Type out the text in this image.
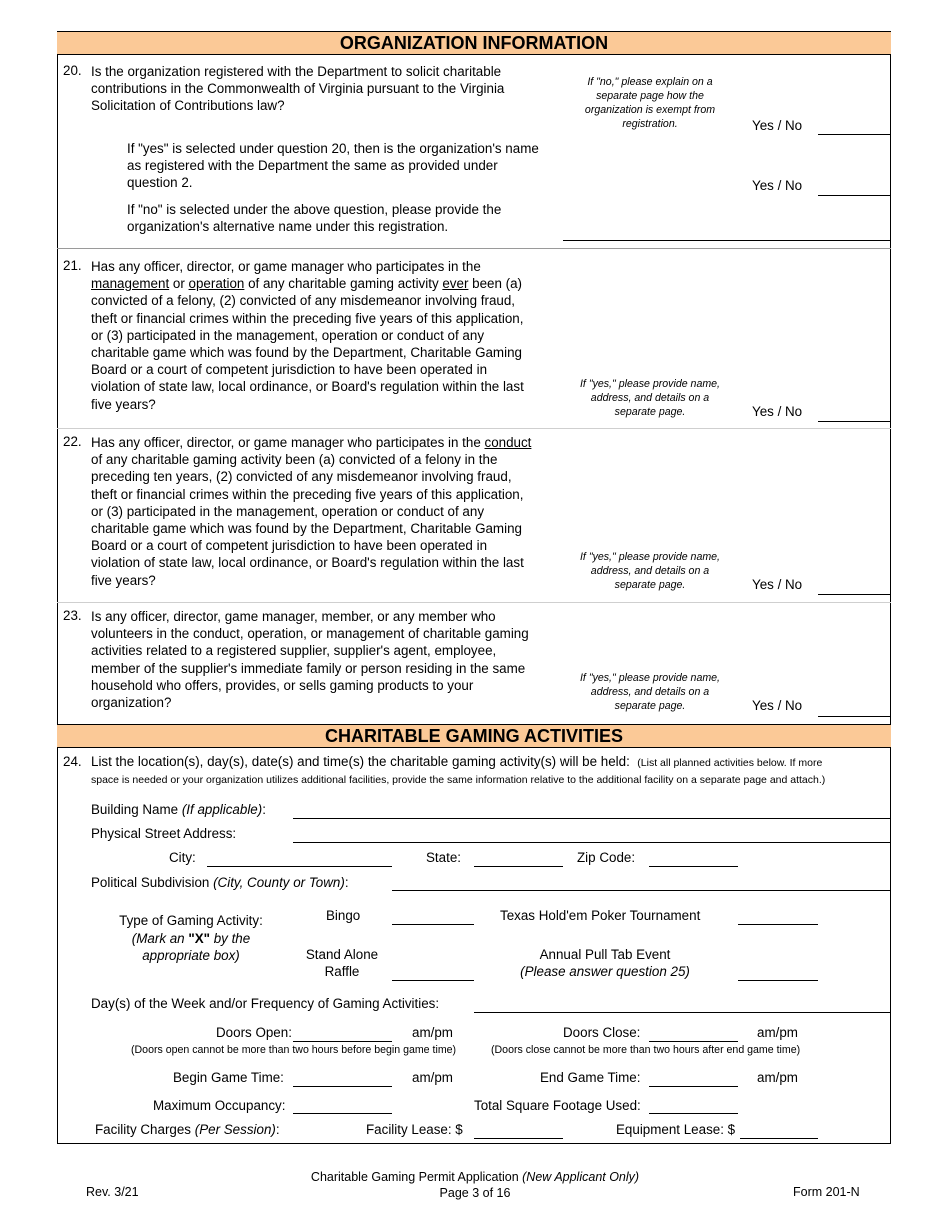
ORGANIZATION INFORMATION
20. Is the organization registered with the Department to solicit charitable
contributions in the Commonwealth of Virginia pursuant to the Virginia
Solicitation of Contributions law?
If "no," please explain on a separate page how the organization is exempt from registration.	Yes / No
If "yes" is selected under question 20, then is the organization's name
as registered with the Department the same as provided under
question 2.	Yes / No
If "no" is selected under the above question, please provide the
organization's alternative name under this registration.
21. Has any officer, director, or game manager who participates in the
management or operation of any charitable gaming activity ever been (a)
convicted of a felony, (2) convicted of any misdemeanor involving fraud,
theft or financial crimes within the preceding five years of this application,
or (3) participated in the management, operation or conduct of any
charitable game which was found by the Department, Charitable Gaming
Board or a court of competent jurisdiction to have been operated in
violation of state law, local ordinance, or Board's regulation within the last
five years?
If "yes," please provide name, address, and details on a separate page.	Yes / No
22. Has any officer, director, or game manager who participates in the conduct
of any charitable gaming activity been (a) convicted of a felony in the
preceding ten years, (2) convicted of any misdemeanor involving fraud,
theft or financial crimes within the preceding five years of this application,
or (3) participated in the management, operation or conduct of any
charitable game which was found by the Department, Charitable Gaming
Board or a court of competent jurisdiction to have been operated in
violation of state law, local ordinance, or Board's regulation within the last
five years?
If "yes," please provide name, address, and details on a separate page.	Yes / No
23. Is any officer, director, game manager, member, or any member who
volunteers in the conduct, operation, or management of charitable gaming
activities related to a registered supplier, supplier's agent, employee,
member of the supplier's immediate family or person residing in the same
household who offers, provides, or sells gaming products to your
organization?
If "yes," please provide name, address, and details on a separate page.	Yes / No
CHARITABLE GAMING ACTIVITIES
24. List the location(s), day(s), date(s) and time(s) the charitable gaming activity(s) will be held: (List all planned activities below. If more
space is needed or your organization utilizes additional facilities, provide the same information relative to the additional facility on a separate page and attach.)
Building Name (If applicable):
Physical Street Address:
City:	State:	Zip Code:
Political Subdivision (City, County or Town):
Type of Gaming Activity:
(Mark an "X" by the
appropriate box)
Bingo	Texas Hold'em Poker Tournament
Stand Alone
Raffle
Annual Pull Tab Event
(Please answer question 25)
Day(s) of the Week and/or Frequency of Gaming Activities:
Doors Open:	am/pm	Doors Close:	am/pm
(Doors open cannot be more than two hours before begin game time)	(Doors close cannot be more than two hours after end game time)
Begin Game Time:	am/pm	End Game Time:	am/pm
Maximum Occupancy:	Total Square Footage Used:
Facility Charges (Per Session):	Facility Lease: $	Equipment Lease: $
Rev. 3/21
Charitable Gaming Permit Application (New Applicant Only)
Page 3 of 16	Form 201-N
